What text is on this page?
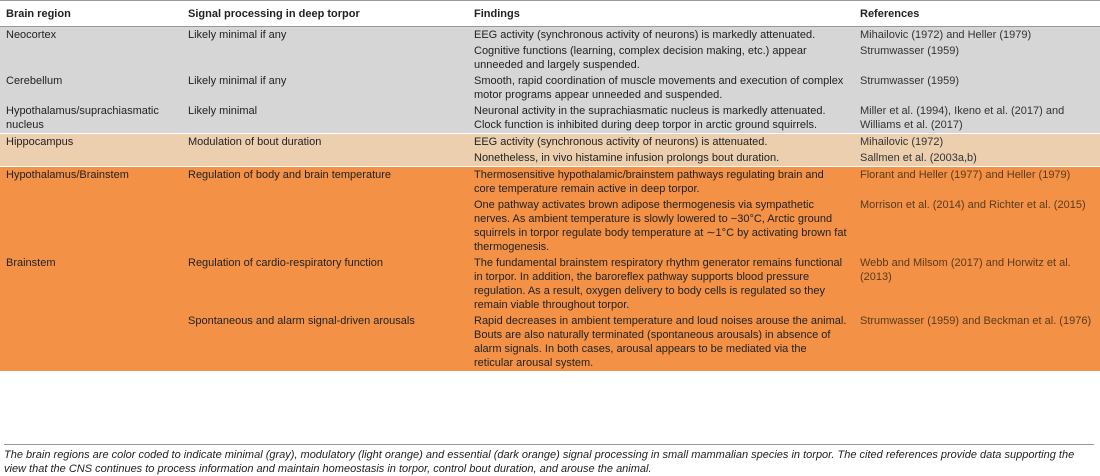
Brain region	Signal processing in deep torpor	Findings	References
Neocortex	Likely minimal if any	EEG activity (synchronous activity of neurons) is markedly attenuated.	Mihailovic (1972) and Heller (1979)
		Cognitive functions (learning, complex decision making, etc.) appear unneeded and largely suspended.	Strumwasser (1959)
Cerebellum	Likely minimal if any	Smooth, rapid coordination of muscle movements and execution of complex motor programs appear unneeded and suspended.	Strumwasser (1959)
Hypothalamus/suprachiasmatic nucleus	Likely minimal	Neuronal activity in the suprachiasmatic nucleus is markedly attenuated. Clock function is inhibited during deep torpor in arctic ground squirrels.	Miller et al. (1994), Ikeno et al. (2017) and Williams et al. (2017)
Hippocampus	Modulation of bout duration	EEG activity (synchronous activity of neurons) is attenuated.	Mihailovic (1972)
		Nonetheless, in vivo histamine infusion prolongs bout duration.	Sallmen et al. (2003a,b)
Hypothalamus/Brainstem	Regulation of body and brain temperature	Thermosensitive hypothalamic/brainstem pathways regulating brain and core temperature remain active in deep torpor.	Florant and Heller (1977) and Heller (1979)
		One pathway activates brown adipose thermogenesis via sympathetic nerves. As ambient temperature is slowly lowered to −30°C, Arctic ground squirrels in torpor regulate body temperature at ∼1°C by activating brown fat thermogenesis.	Morrison et al. (2014) and Richter et al. (2015)
Brainstem	Regulation of cardio-respiratory function	The fundamental brainstem respiratory rhythm generator remains functional in torpor. In addition, the baroreflex pathway supports blood pressure regulation. As a result, oxygen delivery to body cells is regulated so they remain viable throughout torpor.	Webb and Milsom (2017) and Horwitz et al. (2013)
	Spontaneous and alarm signal-driven arousals	Rapid decreases in ambient temperature and loud noises arouse the animal. Bouts are also naturally terminated (spontaneous arousals) in absence of alarm signals. In both cases, arousal appears to be mediated via the reticular arousal system.	Strumwasser (1959) and Beckman et al. (1976)
The brain regions are color coded to indicate minimal (gray), modulatory (light orange) and essential (dark orange) signal processing in small mammalian species in torpor. The cited references provide data supporting the view that the CNS continues to process information and maintain homeostasis in torpor, control bout duration, and arouse the animal.
